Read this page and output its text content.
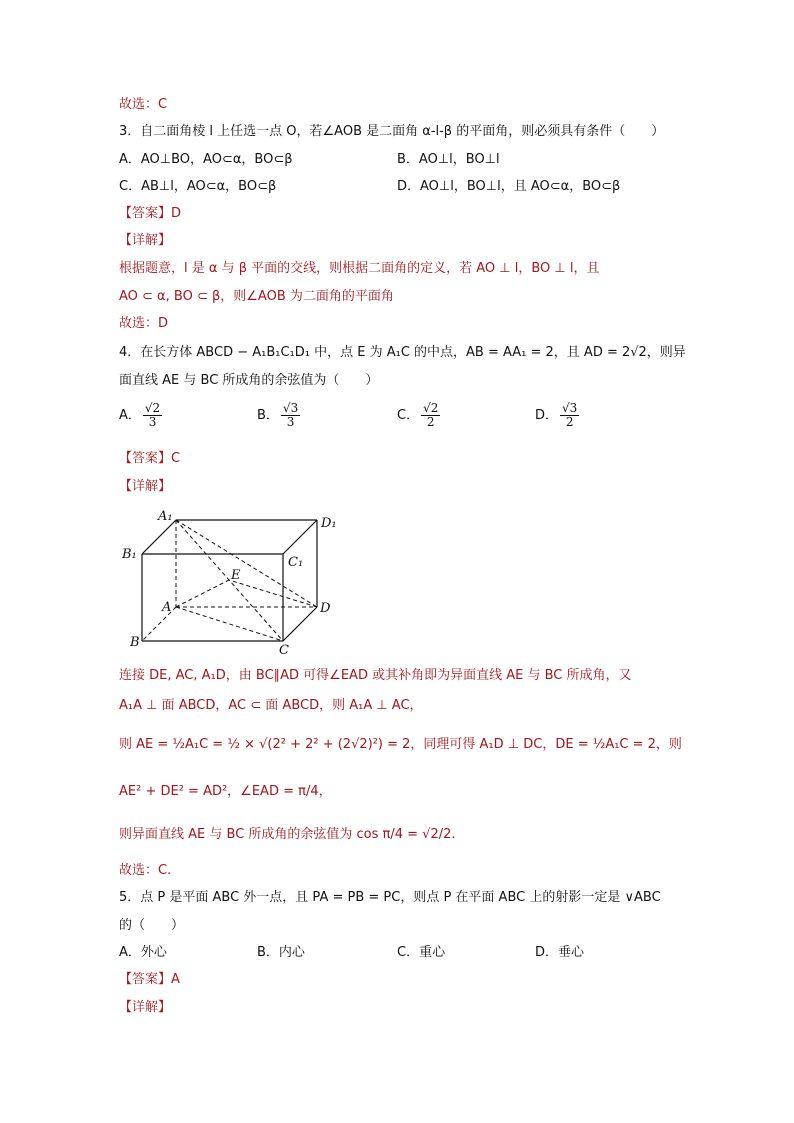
故选：C
3．自二面角棱 l 上任选一点 O，若∠AOB 是二面角 α-l-β 的平面角，则必须具有条件（　　）
A．AO⊥BO，AO⊂α，BO⊂β	B．AO⊥l，BO⊥l
C．AB⊥l，AO⊂α，BO⊂β	D．AO⊥l，BO⊥l，且 AO⊂α，BO⊂β
【答案】D
【详解】
根据题意，l 是 α 与 β 平面的交线，则根据二面角的定义，若 AO ⊥ l，BO ⊥ l，且
AO ⊂ α, BO ⊂ β，则∠AOB 为二面角的平面角
故选：D
4．在长方体 ABCD − A₁B₁C₁D₁ 中，点 E 为 A₁C 的中点，AB = AA₁ = 2，且 AD = 2√2，则异
面直线 AE 与 BC 所成角的余弦值为（　　）
A． $\frac{√2}{3}$	B． $\frac{√3}{3}$	C． $\frac{√2}{2}$	D． $\frac{√3}{2}$
【答案】C
【详解】
A₁	D₁
B₁
C₁
E
A	D
B
C
连接 DE, AC, A₁D，由 BC∥AD 可得∠EAD 或其补角即为异面直线 AE 与 BC 所成角，又
A₁A ⊥ 面 ABCD，AC ⊂ 面 ABCD，则 A₁A ⊥ AC，
则 AE = ½A₁C = ½ × √(2² + 2² + (2√2)²) = 2，同理可得 A₁D ⊥ DC，DE = ½A₁C = 2，则
AE² + DE² = AD²，∠EAD = π/4，
则异面直线 AE 与 BC 所成角的余弦值为 cos π/4 = √2/2.
故选：C.
5．点 P 是平面 ABC 外一点，且 PA = PB = PC，则点 P 在平面 ABC 上的射影一定是 ∨ABC
的（　　）
A．外心	B．内心	C．重心	D．垂心
【答案】A
【详解】
